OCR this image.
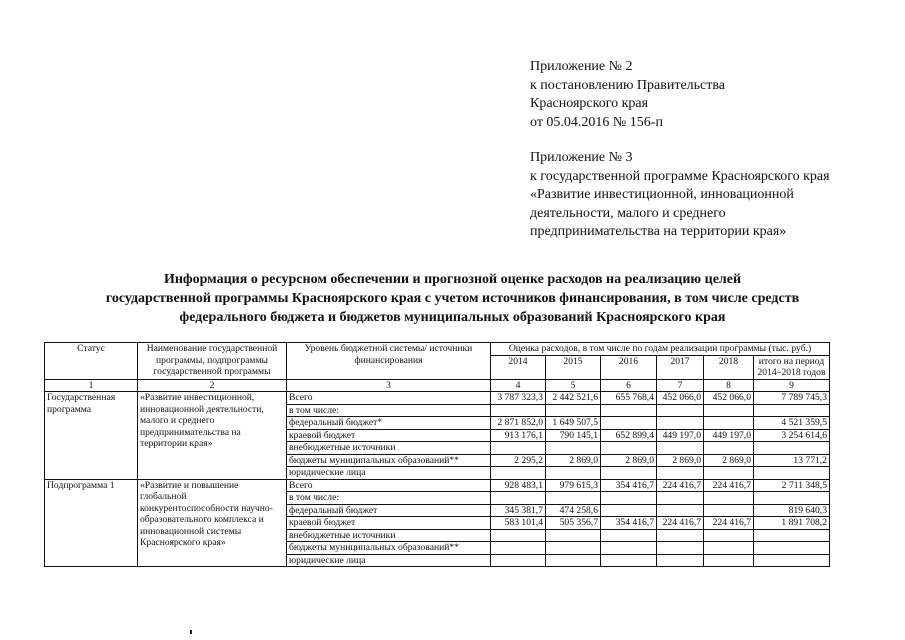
Приложение № 2
к постановлению Правительства
Красноярского края
от 05.04.2016 № 156-п
Приложение № 3
к государственной программе Красноярского края
«Развитие инвестиционной, инновационной
деятельности, малого и среднего
предпринимательства на территории края»
Информация о ресурсном обеспечении и прогнозной оценке расходов на реализацию целей
государственной программы Красноярского края с учетом источников финансирования, в том числе средств
федерального бюджета и бюджетов муниципальных образований Красноярского края
Статус	Наименование государственной программы, подпрограммы государственной программы	Уровень бюджетной системы/ источники финансирования	Оценка расходов, в том числе по годам реализации программы (тыс. руб.)					
			2014	2015	2016	2017	2018	итого на период 2014–2018 годов
1	2	3	4	5	6	7	8	9
Государственная программа	«Развитие инвестиционной, инновационной деятельности, малого и среднего предпринимательства на территории края»	Всего	3 787 323,3	2 442 521,6	655 768,4	452 066,0	452 066,0	7 789 745,3
		в том числе:						
		федеральный бюджет*	2 871 852,0	1 649 507,5				4 521 359,5
		краевой бюджет	913 176,1	790 145,1	652 899,4	449 197,0	449 197,0	3 254 614,6
		внебюджетные источники						
		бюджеты муниципальных образований**	2 295,2	2 869,0	2 869,0	2 869,0	2 869,0	13 771,2
		юридические лица						
Подпрограмма 1	«Развитие и повышение глобальной конкурентоспособности научно-образовательного комплекса и инновационной системы Красноярского края»	Всего	928 483,1	979 615,3	354 416,7	224 416,7	224 416,7	2 711 348,5
		в том числе:						
		федеральный бюджет	345 381,7	474 258,6				819 640,3
		краевой бюджет	583 101,4	505 356,7	354 416,7	224 416,7	224 416,7	1 891 708,2
		внебюджетные источники						
		бюджеты муниципальных образований**						
		юридические лица						
